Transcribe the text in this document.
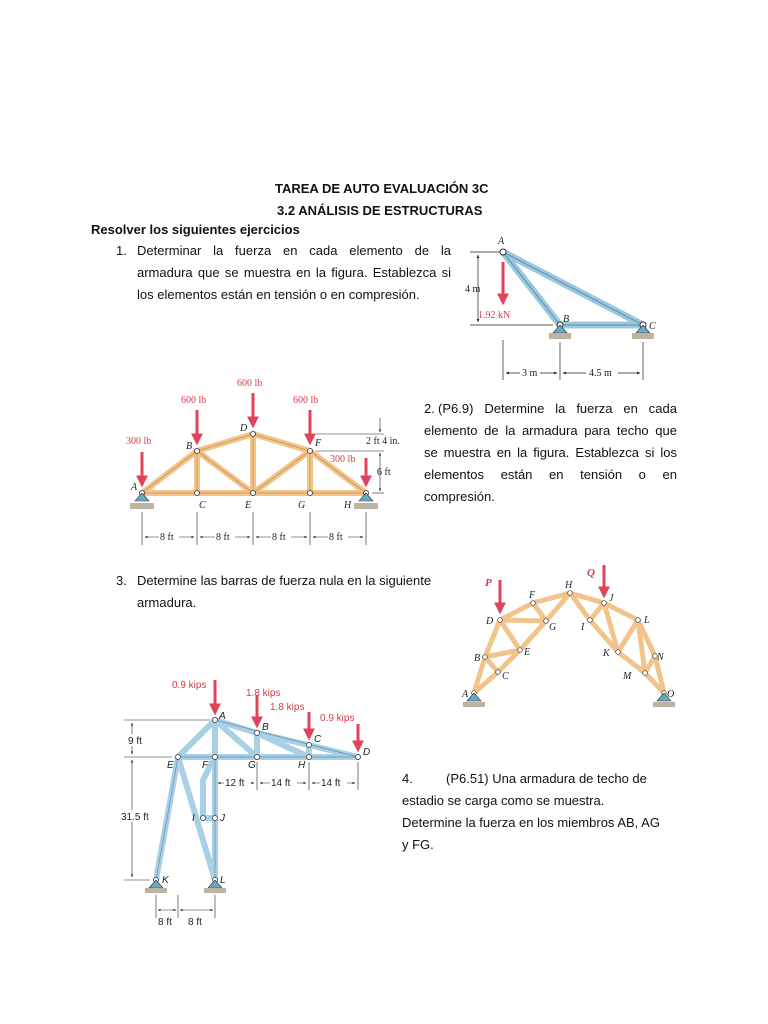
TAREA DE AUTO EVALUACIÓN 3C
3.2 ANÁLISIS DE ESTRUCTURAS
Resolver los siguientes ejercicios
1. Determinar la fuerza en cada elemento de la
armadura que se muestra en la figura. Establezca si
los elementos están en tensión o en compresión.
2. (P6.9) Determine la fuerza en cada
elemento de la armadura para techo que
se muestra en la figura. Establezca si los
elementos están en tensión o en
compresión.
3. Determine las barras de fuerza nula en la siguiente
armadura.
4.	(P6.51) Una armadura de techo de
estadio se carga como se muestra.
Determine la fuerza en los miembros AB, AG
y FG.
A
B
C
1.92 kN
4 m
3 m	4.5 m
A
B
C
D
E
F
G	H
300 lb
600 lb
600 lb
600 lb
300 lb
2 ft 4 in.
6 ft
8 ft	8 ft	8 ft	8 ft
P
Q
A
B
C
D
E
F
G
H
I
J
K
L
M
N
O
0.9 kips
1.8 kips
1.8 kips
0.9 kips
A
B
C
D
E	F	G	H
I	J
K	L
9 ft
31.5 ft
12 ft	14 ft	14 ft
8 ft 8 ft
